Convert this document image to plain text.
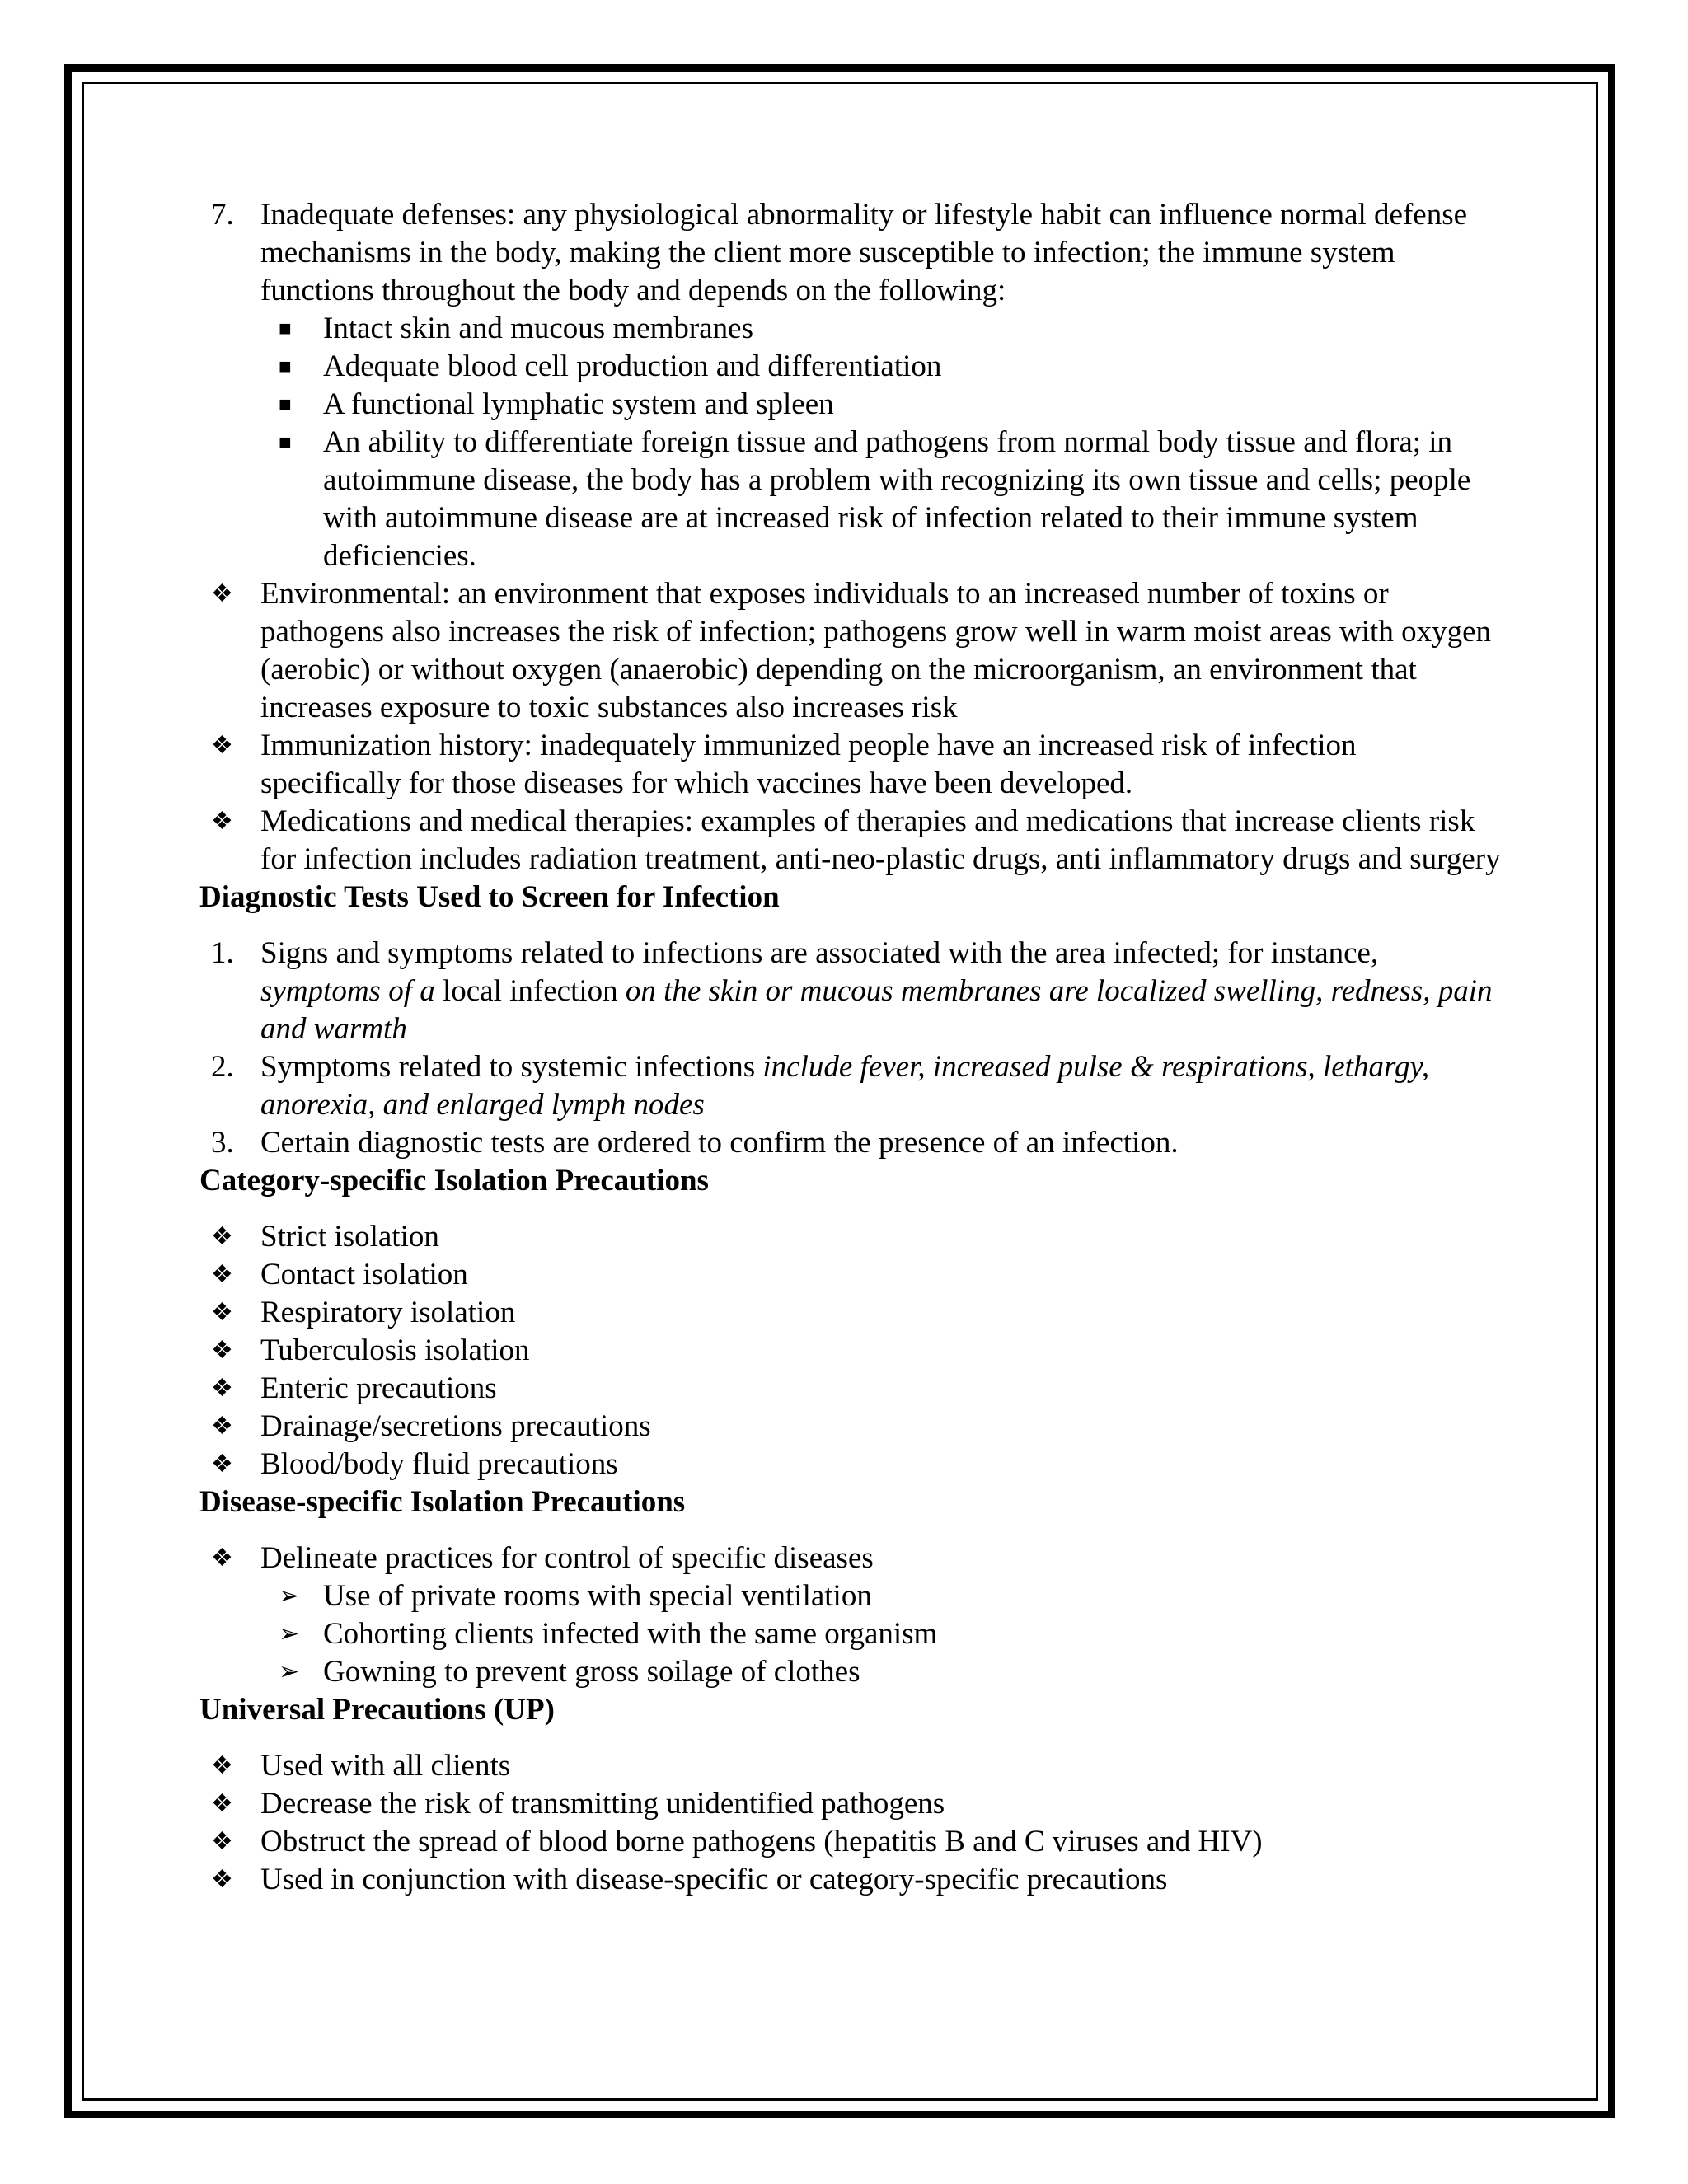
7. Inadequate defenses: any physiological abnormality or lifestyle habit can influence normal defense mechanisms in the body, making the client more susceptible to infection; the immune system functions throughout the body and depends on the following:
■ Intact skin and mucous membranes
■ Adequate blood cell production and differentiation
■ A functional lymphatic system and spleen
■ An ability to differentiate foreign tissue and pathogens from normal body tissue and flora; in autoimmune disease, the body has a problem with recognizing its own tissue and cells; people with autoimmune disease are at increased risk of infection related to their immune system deficiencies.
❖ Environmental: an environment that exposes individuals to an increased number of toxins or pathogens also increases the risk of infection; pathogens grow well in warm moist areas with oxygen (aerobic) or without oxygen (anaerobic) depending on the microorganism, an environment that increases exposure to toxic substances also increases risk
❖ Immunization history: inadequately immunized people have an increased risk of infection specifically for those diseases for which vaccines have been developed.
❖ Medications and medical therapies: examples of therapies and medications that increase clients risk for infection includes radiation treatment, anti-neo-plastic drugs, anti inflammatory drugs and surgery
Diagnostic Tests Used to Screen for Infection
1. Signs and symptoms related to infections are associated with the area infected; for instance, symptoms of a local infection on the skin or mucous membranes are localized swelling, redness, pain and warmth
2. Symptoms related to systemic infections include fever, increased pulse & respirations, lethargy, anorexia, and enlarged lymph nodes
3. Certain diagnostic tests are ordered to confirm the presence of an infection.
Category-specific Isolation Precautions
❖ Strict isolation
❖ Contact isolation
❖ Respiratory isolation
❖ Tuberculosis isolation
❖ Enteric precautions
❖ Drainage/secretions precautions
❖ Blood/body fluid precautions
Disease-specific Isolation Precautions
❖ Delineate practices for control of specific diseases
➢ Use of private rooms with special ventilation
➢ Cohorting clients infected with the same organism
➢ Gowning to prevent gross soilage of clothes
Universal Precautions (UP)
❖ Used with all clients
❖ Decrease the risk of transmitting unidentified pathogens
❖ Obstruct the spread of blood borne pathogens (hepatitis B and C viruses and HIV)
❖ Used in conjunction with disease-specific or category-specific precautions
